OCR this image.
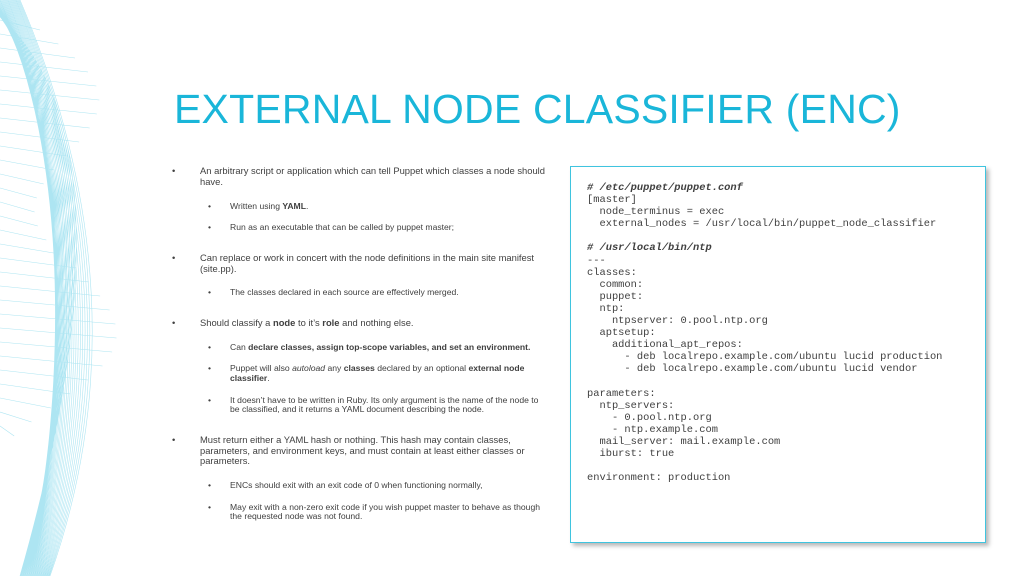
EXTERNAL NODE CLASSIFIER (ENC)
•	An arbitrary script or application which can tell Puppet which classes a node should have.
• Written using YAML.
• Run as an executable that can be called by puppet master;
•	Can replace or work in concert with the node definitions in the main site manifest (site.pp).
• The classes declared in each source are effectively merged.
•	Should classify a node to it’s role and nothing else.
• Can declare classes, assign top-scope variables, and set an environment.
• Puppet will also autoload any classes declared by an optional external node classifier.
• It doesn’t have to be written in Ruby. Its only argument is the name of the node to be classified, and it returns a YAML document describing the node.
•	Must return either a YAML hash or nothing. This hash may contain classes, parameters, and environment keys, and must contain at least either classes or parameters.
• ENCs should exit with an exit code of 0 when functioning normally,
• May exit with a non-zero exit code if you wish puppet master to behave as though the requested node was not found.
# /etc/puppet/puppet.conf
[master]
node_terminus = exec
external_nodes = /usr/local/bin/puppet_node_classifier

# /usr/local/bin/ntp
---
classes:
common:
puppet:
ntp:
ntpserver: 0.pool.ntp.org
aptsetup:
additional_apt_repos:
- deb localrepo.example.com/ubuntu lucid production
- deb localrepo.example.com/ubuntu lucid vendor

parameters:
ntp_servers:
- 0.pool.ntp.org
- ntp.example.com
mail_server: mail.example.com
iburst: true

environment: production
